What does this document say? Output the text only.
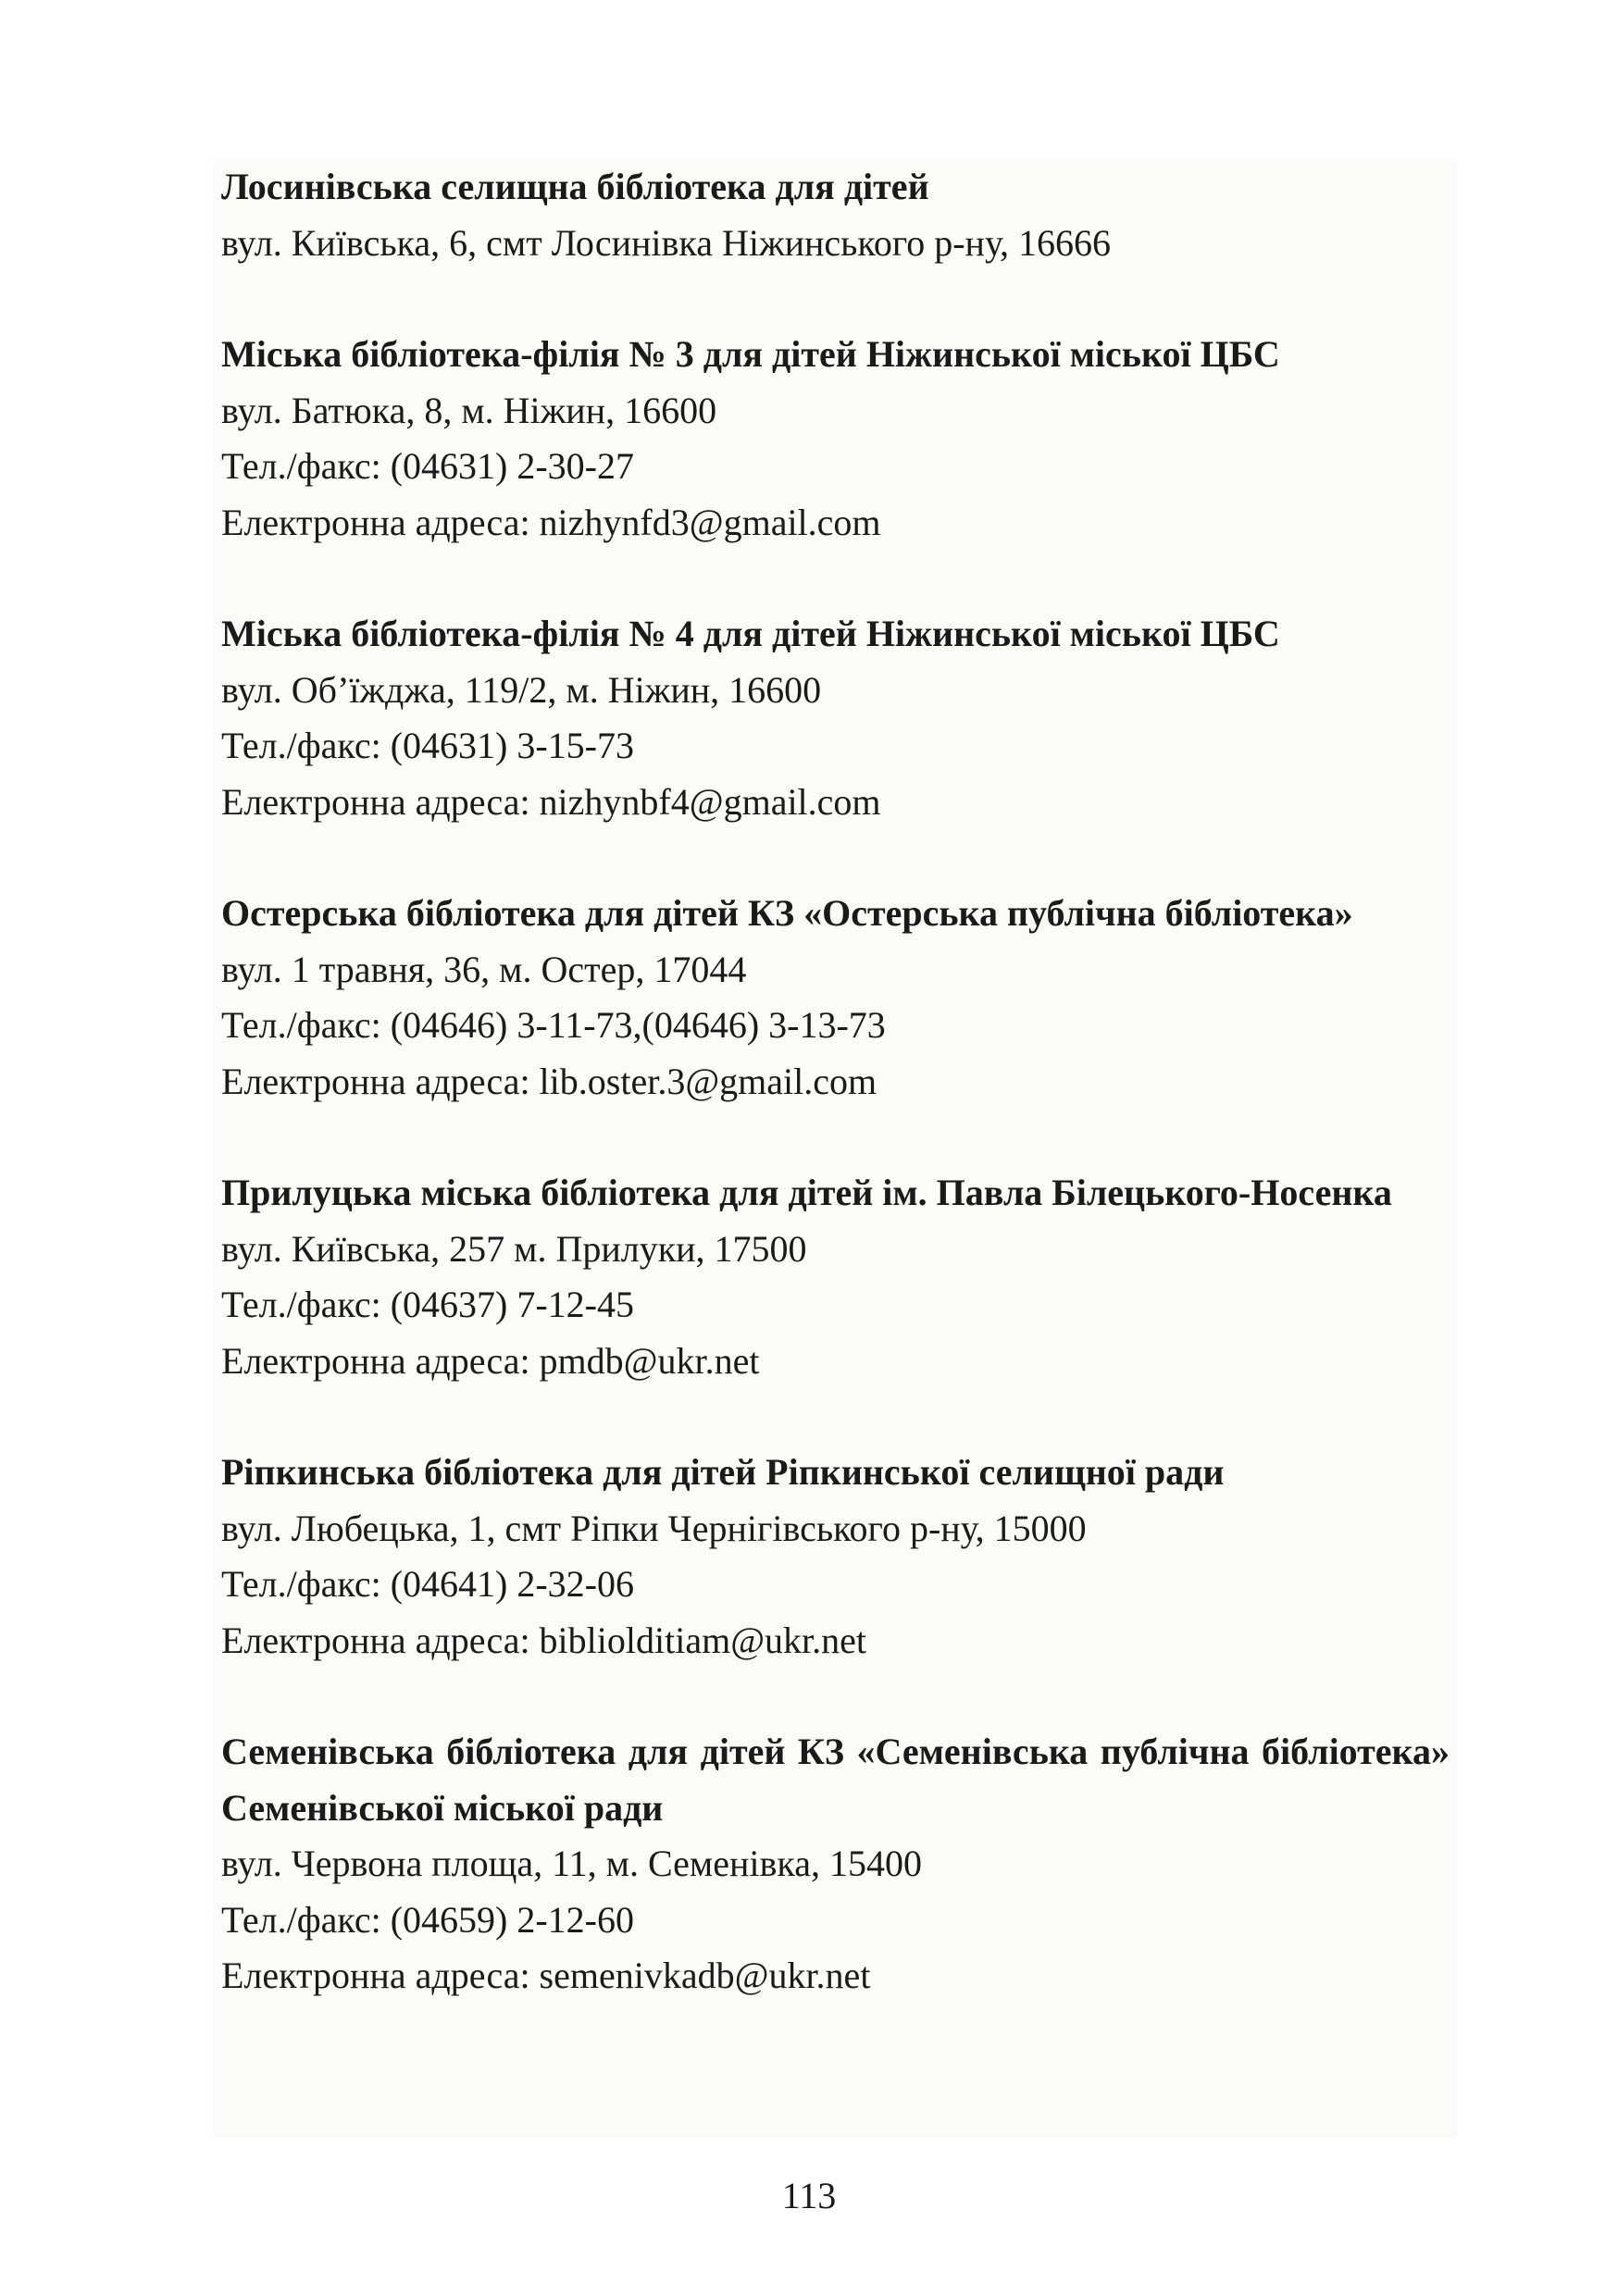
Лосинівська селищна бібліотека для дітей
вул. Київська, 6, смт Лосинівка Ніжинського р-ну, 16666
Міська бібліотека-філія № 3 для дітей Ніжинської міської ЦБС
вул. Батюка, 8, м. Ніжин, 16600
Тел./факс: (04631) 2-30-27
Електронна адреса: nizhynfd3@gmail.com
Міська бібліотека-філія № 4 для дітей Ніжинської міської ЦБС
вул. Об’їжджа, 119/2, м. Ніжин, 16600
Тел./факс: (04631) 3-15-73
Електронна адреса: nizhynbf4@gmail.com
Остерська бібліотека для дітей КЗ «Остерська публічна бібліотека»
вул. 1 травня, 36, м. Остер, 17044
Тел./факс: (04646) 3-11-73,(04646) 3-13-73
Електронна адреса: lib.oster.3@gmail.com
Прилуцька міська бібліотека для дітей ім. Павла Білецького-Носенка
вул. Київська, 257 м. Прилуки, 17500
Тел./факс: (04637) 7-12-45
Електронна адреса: pmdb@ukr.net
Ріпкинська бібліотека для дітей Ріпкинської селищної ради
вул. Любецька, 1, смт Ріпки Чернігівського р-ну, 15000
Тел./факс: (04641) 2-32-06
Електронна адреса: bibliolditiam@ukr.net
Семенівська бібліотека для дітей КЗ «Семенівська публічна бібліотека» Семенівської міської ради
вул. Червона площа, 11, м. Семенівка, 15400
Тел./факс: (04659) 2-12-60
Електронна адреса: semenivkadb@ukr.net
113
